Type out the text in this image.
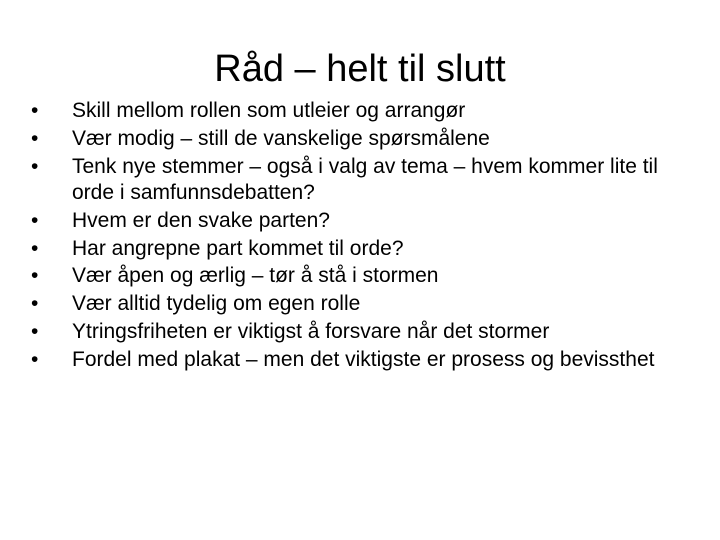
Råd – helt til slutt
• Skill mellom rollen som utleier og arrangør
• Vær modig – still de vanskelige spørsmålene
• Tenk nye stemmer – også i valg av tema – hvem kommer lite til orde i samfunnsdebatten?
• Hvem er den svake parten?
• Har angrepne part kommet til orde?
• Vær åpen og ærlig – tør å stå i stormen
• Vær alltid tydelig om egen rolle
• Ytringsfriheten er viktigst å forsvare når det stormer
• Fordel med plakat – men det viktigste er prosess og bevissthet
